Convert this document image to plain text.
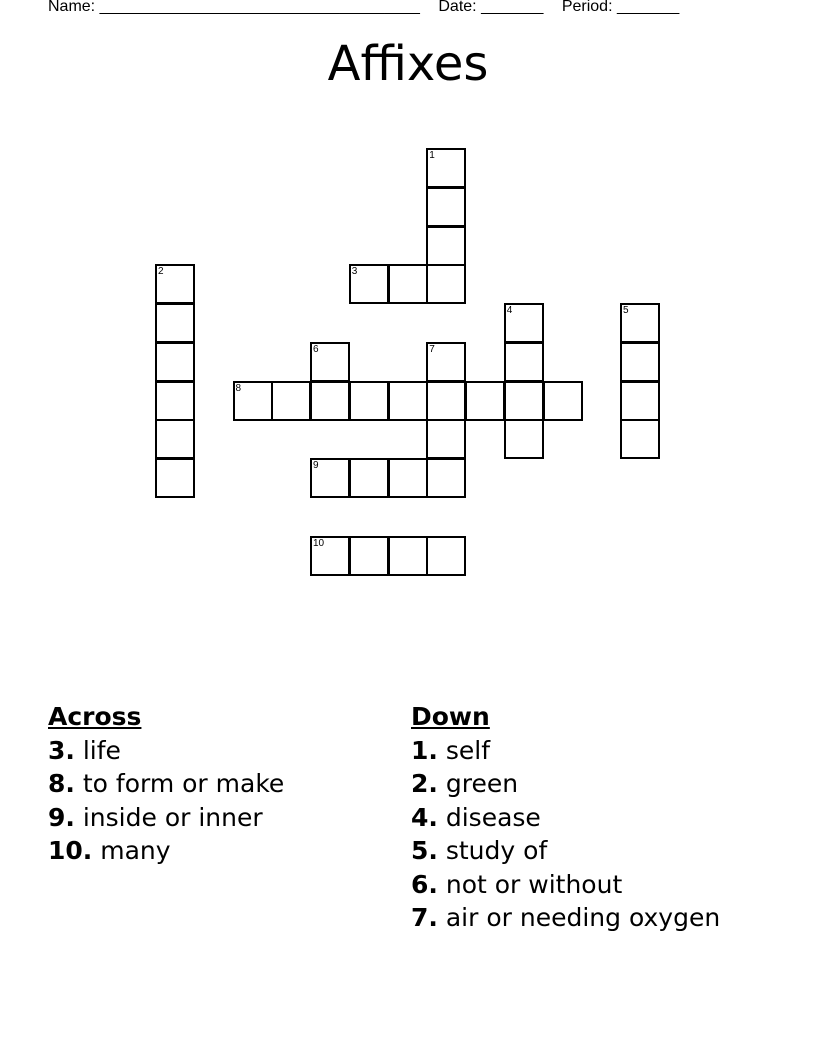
Name: ____________________________________ Date: _______ Period: _______
Affixes
1
2	3
4	5
6	7
8
9
10
Across
3. life
8. to form or make
9. inside or inner
10. many
Down
1. self
2. green
4. disease
5. study of
6. not or without
7. air or needing oxygen
